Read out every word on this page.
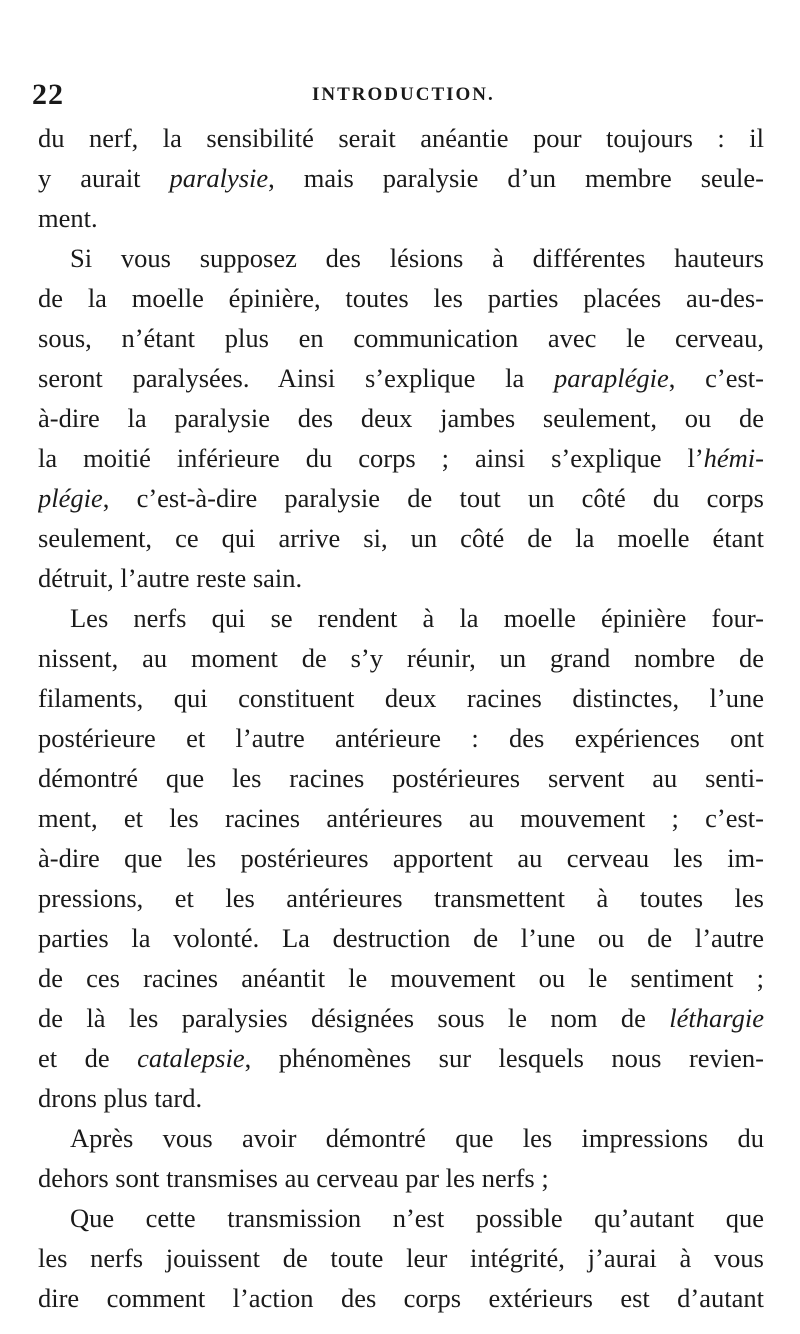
22	INTRODUCTION.
du nerf, la sensibilité serait anéantie pour toujours : il
y aurait paralysie, mais paralysie d’un membre seule-
ment.
Si vous supposez des lésions à différentes hauteurs
de la moelle épinière, toutes les parties placées au-des-
sous, n’étant plus en communication avec le cerveau,
seront paralysées. Ainsi s’explique la paraplégie, c’est-
à-dire la paralysie des deux jambes seulement, ou de
la moitié inférieure du corps ; ainsi s’explique l’hémi-
plégie, c’est-à-dire paralysie de tout un côté du corps
seulement, ce qui arrive si, un côté de la moelle étant
détruit, l’autre reste sain.
Les nerfs qui se rendent à la moelle épinière four-
nissent, au moment de s’y réunir, un grand nombre de
filaments, qui constituent deux racines distinctes, l’une
postérieure et l’autre antérieure : des expériences ont
démontré que les racines postérieures servent au senti-
ment, et les racines antérieures au mouvement ; c’est-
à-dire que les postérieures apportent au cerveau les im-
pressions, et les antérieures transmettent à toutes les
parties la volonté. La destruction de l’une ou de l’autre
de ces racines anéantit le mouvement ou le sentiment ;
de là les paralysies désignées sous le nom de léthargie
et de catalepsie, phénomènes sur lesquels nous revien-
drons plus tard.
Après vous avoir démontré que les impressions du
dehors sont transmises au cerveau par les nerfs ;
Que cette transmission n’est possible qu’autant que
les nerfs jouissent de toute leur intégrité, j’aurai à vous
dire comment l’action des corps extérieurs est d’autant
